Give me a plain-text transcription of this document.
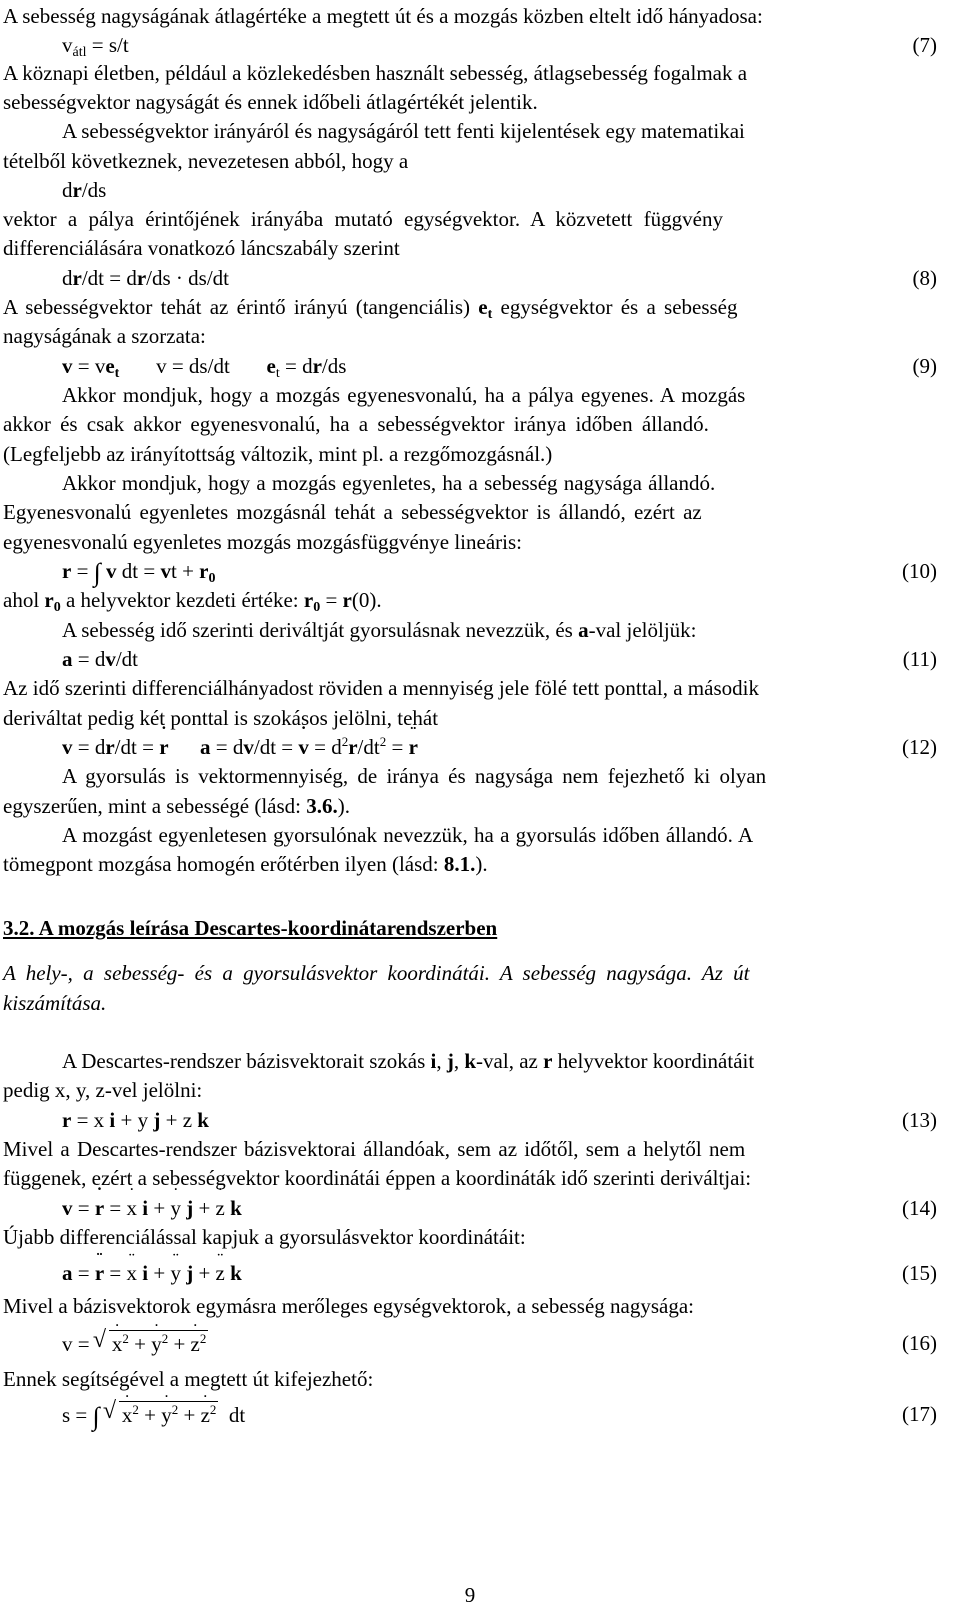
A sebesség nagyságának átlagértéke a megtett út és a mozgás közben eltelt idő hányadosa:
$v_{átl} = s/t$	(7)
A köznapi életben, például a közlekedésben használt sebesség, átlagsebesség fogalmak a
sebességvektor nagyságát és ennek időbeli átlagértékét jelentik.
A sebességvektor irányáról és nagyságáról tett fenti kijelentések egy matematikai
tételből következnek, nevezetesen abból, hogy a
dr/ds
vektor a pálya érintőjének irányába mutató egységvektor. A közvetett függvény
differenciálására vonatkozó láncszabály szerint
dr/dt = dr/ds · ds/dt	(8)
A sebességvektor tehát az érintő irányú (tangenciális) $e_t$ egységvektor és a sebesség
nagyságának a szorzata:
$v = ve_t$       v = ds/dt       $e_t = dr/ds$	(9)
Akkor mondjuk, hogy a mozgás egyenesvonalú, ha a pálya egyenes. A mozgás
akkor és csak akkor egyenesvonalú, ha a sebességvektor iránya időben állandó.
(Legfeljebb az irányítottság változik, mint pl. a rezgőmozgásnál.)
Akkor mondjuk, hogy a mozgás egyenletes, ha a sebesség nagysága állandó.
Egyenesvonalú egyenletes mozgásnál tehát a sebességvektor is állandó, ezért az
egyenesvonalú egyenletes mozgás mozgásfüggvénye lineáris:
r = ∫ v dt = vt + $r_0$	(10)
ahol $r_0$ a helyvektor kezdeti értéke: $r_0 = r(0)$.
A sebesség idő szerinti deriváltját gyorsulásnak nevezzük, és a-val jelöljük:
a = dv/dt	(11)
Az idő szerinti differenciálhányadost röviden a mennyiség jele fölé tett ponttal, a második
deriváltat pedig két ponttal is szokásos jelölni, tehát
v = dr/dt = r ˙ a = dv/dt = v ˙ = $d^2r/dt^2 = r$ ¨	(12)
A gyorsulás is vektormennyiség, de iránya és nagysága nem fejezhető ki olyan
egyszerűen, mint a sebességé (lásd: 3.6.).
A mozgást egyenletesen gyorsulónak nevezzük, ha a gyorsulás időben állandó. A
tömegpont mozgása homogén erőtérben ilyen (lásd: 8.1.).
3.2. A mozgás leírása Descartes-koordinátarendszerben
A hely-, a sebesség- és a gyorsulásvektor koordinátái. A sebesség nagysága. Az út
kiszámítása.
A Descartes-rendszer bázisvektorait szokás i, j, k-val, az r helyvektor koordinátáit
pedig x, y, z-vel jelölni:
r = x i + y j + z k	(13)
Mivel a Descartes-rendszer bázisvektorai állandóak, sem az időtől, sem a helytől nem
függenek, ezért a sebességvektor koordinátái éppen a koordináták idő szerinti deriváltjai:
v = r ˙ = x ˙ i + y ˙ j + z ˙ k	(14)
Újabb differenciálással kapjuk a gyorsulásvektor koordinátáit:
a = r ¨ = x ¨ i + y ¨ j + z ¨ k	(15)
Mivel a bázisvektorok egymásra merőleges egységvektorok, a sebesség nagysága:
v = √ x ˙$^2$ + y ˙$^2$ + z ˙$^2$	(16)
Ennek segítségével a megtett út kifejezhető:
s = ∫ √ x ˙$^2$ + y ˙$^2$ + z ˙$^2$  dt	(17)
9
